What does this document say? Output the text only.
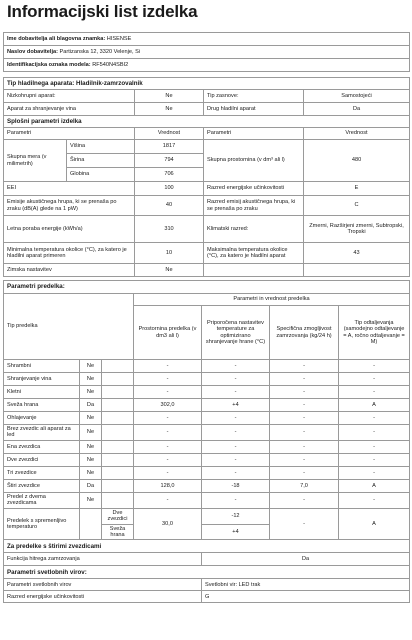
Informacijski list izdelka
Ime dobavitelja ali blagovna znamka: HISENSE
Naslov dobavitelja: Partizanska 12, 3320 Velenje, Si
Identifikacijska oznaka modela: RF540N4SBI2
Tip hladilnega aparata: Hladilnik-zamrzovalnik				
Nizkohrupni aparat:		Ne	Tip zasnove:	Samostojeći
Aparat za shranjevanje vina		Ne	Drug hladilni aparat	Da
Splošni parametri izdelka				
Parametri		Vrednost	Parametri	Vrednost
Skupna mera (v milimetrih)	Višina	1817	Skupna prostornina (v dm³ ali l)	480
	Širina	794		
	Globina	706		
EEI		100	Razred energijske učinkovitosti	E
Emisije akustičnega hrupa, ki se prenaša po zraku (dB(A) glede na 1 pW)		40	Razred emisij akustičnega hrupa, ki se prenaša po zraku	C
Letna poraba energije (kWh/a)		310	Klimatski razred:	Zmerni, Razširjeni zmerni, Subtropski, Tropski
Minimalna temperatura okolice (°C), za katero je hladilni aparat primeren		10	Maksimalna temperatura okolice (°C), za katero je hladilni aparat	43
Zimska nastavitev		Ne		
Parametri predelka:						
Tip predelka			Parametri in vrednost predelka			
			Prostornina predelka (v dm3 ali l)	Priporočena nastavitev temperature za optimizirano shranjevanje hrane (°C)	Specifična zmogljivost zamrzovanja (kg/24 h)	Tip odtaljevanja (samodejno odtaljevanje = A, ročno odtaljevanje = M)
Shrambni	Ne		-	-	-	-
Shranjevanje vina	Ne		-	-	-	-
Kletni	Ne		-	-	-	-
Sveža hrana	Da		302,0	+4	-	A
Ohlajevanje	Ne		-	-	-	-
Brez zvezdic ali aparat za led	Ne		-	-	-	-
Ena zvezdica	Ne		-	-	-	-
Dve zvezdici	Ne		-	-	-	-
Tri zvezdice	Ne		-	-	-	-
Štiri zvezdice	Da		128,0	-18	7,0	A
Predel z dvema zvezdicama	Ne		-	-	-	-
Predelek s spremenljivo temperaturo		Dve zvezdici	30,0	-12	-	A
		Sveža hrana		+4		
Za predelke s štirimi zvezdicami						
Funkcija hitrega zamrzovanja				Da		
Parametri svetlobnih virov:						
Parametri svetlobnih virov				Svetlobni vir: LED trak		
Razred energijske učinkovitosti				G		
